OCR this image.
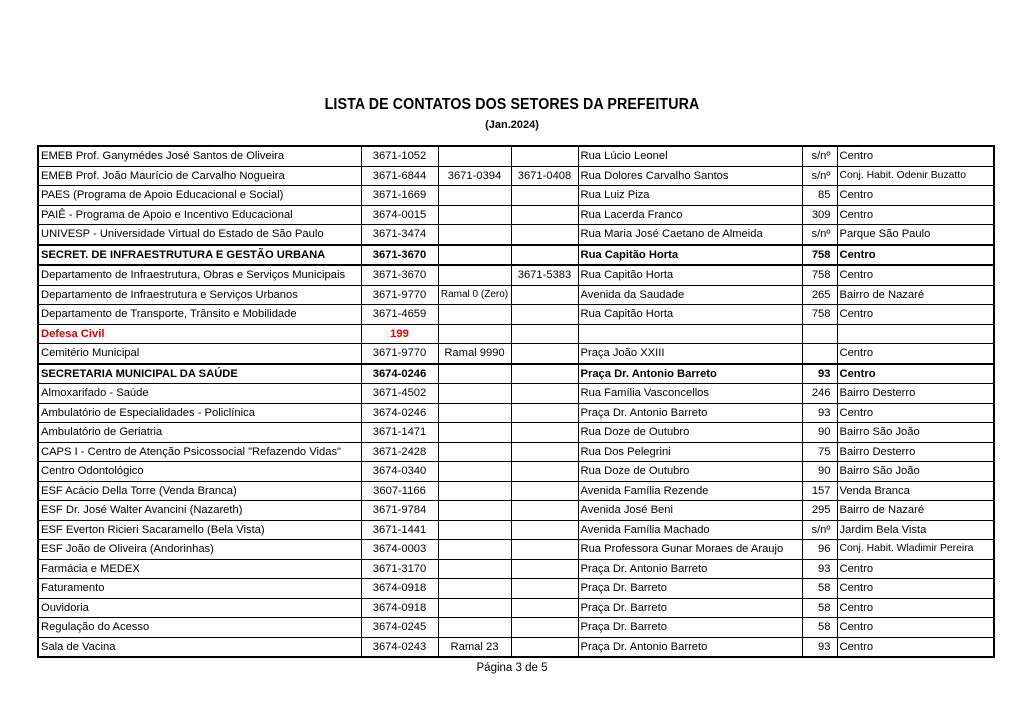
LISTA DE CONTATOS DOS SETORES DA PREFEITURA
(Jan.2024)
EMEB Prof. Ganymédes José Santos de Oliveira	3671-1052			Rua Lúcio Leonel	s/nº	Centro
EMEB Prof. João Maurício de Carvalho Nogueira	3671-6844	3671-0394	3671-0408	Rua Dolores Carvalho Santos	s/nº	Conj. Habit. Odenir Buzatto
PAES (Programa de Apoio Educacional e Social)	3671-1669			Rua Luiz Piza	85	Centro
PAIÊ - Programa de Apoio e Incentivo Educacional	3674-0015			Rua Lacerda Franco	309	Centro
UNIVESP - Universidade Virtual do Estado de São Paulo	3671-3474			Rua Maria José Caetano de Almeida	s/nº	Parque São Paulo
SECRET. DE INFRAESTRUTURA E GESTÃO URBANA	3671-3670			Rua Capitão Horta	758	Centro
Departamento de Infraestrutura, Obras e Serviços Municipais	3671-3670		3671-5383	Rua Capitão Horta	758	Centro
Departamento de Infraestrutura e Serviços Urbanos	3671-9770	Ramal 0 (Zero)		Avenida da Saudade	265	Bairro de Nazaré
Departamento de Transporte, Trânsito e Mobilidade	3671-4659			Rua Capitão Horta	758	Centro
Defesa Civil	199					
Cemitério Municipal	3671-9770	Ramal 9990		Praça João XXIII		Centro
SECRETARIA MUNICIPAL DA SAÚDE	3674-0246			Praça Dr. Antonio Barreto	93	Centro
Almoxarifado - Saúde	3671-4502			Rua Família Vasconcellos	246	Bairro Desterro
Ambulatório de Especialidades - Policlínica	3674-0246			Praça Dr. Antonio Barreto	93	Centro
Ambulatório de Geriatria	3671-1471			Rua Doze de Outubro	90	Bairro São João
CAPS I - Centro de Atenção Psicossocial "Refazendo Vidas"	3671-2428			Rua Dos Pelegrini	75	Bairro Desterro
Centro Odontológico	3674-0340			Rua Doze de Outubro	90	Bairro São João
ESF Acácio Della Torre (Venda Branca)	3607-1166			Avenida Família Rezende	157	Venda Branca
ESF Dr. José Walter Avancini (Nazareth)	3671-9784			Avenida José Beni	295	Bairro de Nazaré
ESF Everton Ricieri Sacaramello (Bela Vista)	3671-1441			Avenida Família Machado	s/nº	Jardim Bela Vista
ESF João de Oliveira (Andorinhas)	3674-0003			Rua Professora Gunar Moraes de Araujo	96	Conj. Habit. Wladimir Pereira
Farmácia e MEDEX	3671-3170			Praça Dr. Antonio Barreto	93	Centro
Faturamento	3674-0918			Praça Dr. Barreto	58	Centro
Ouvidoria	3674-0918			Praça Dr. Barreto	58	Centro
Regulação do Acesso	3674-0245			Praça Dr. Barreto	58	Centro
Sala de Vacina	3674-0243	Ramal 23		Praça Dr. Antonio Barreto	93	Centro
Página 3 de 5
